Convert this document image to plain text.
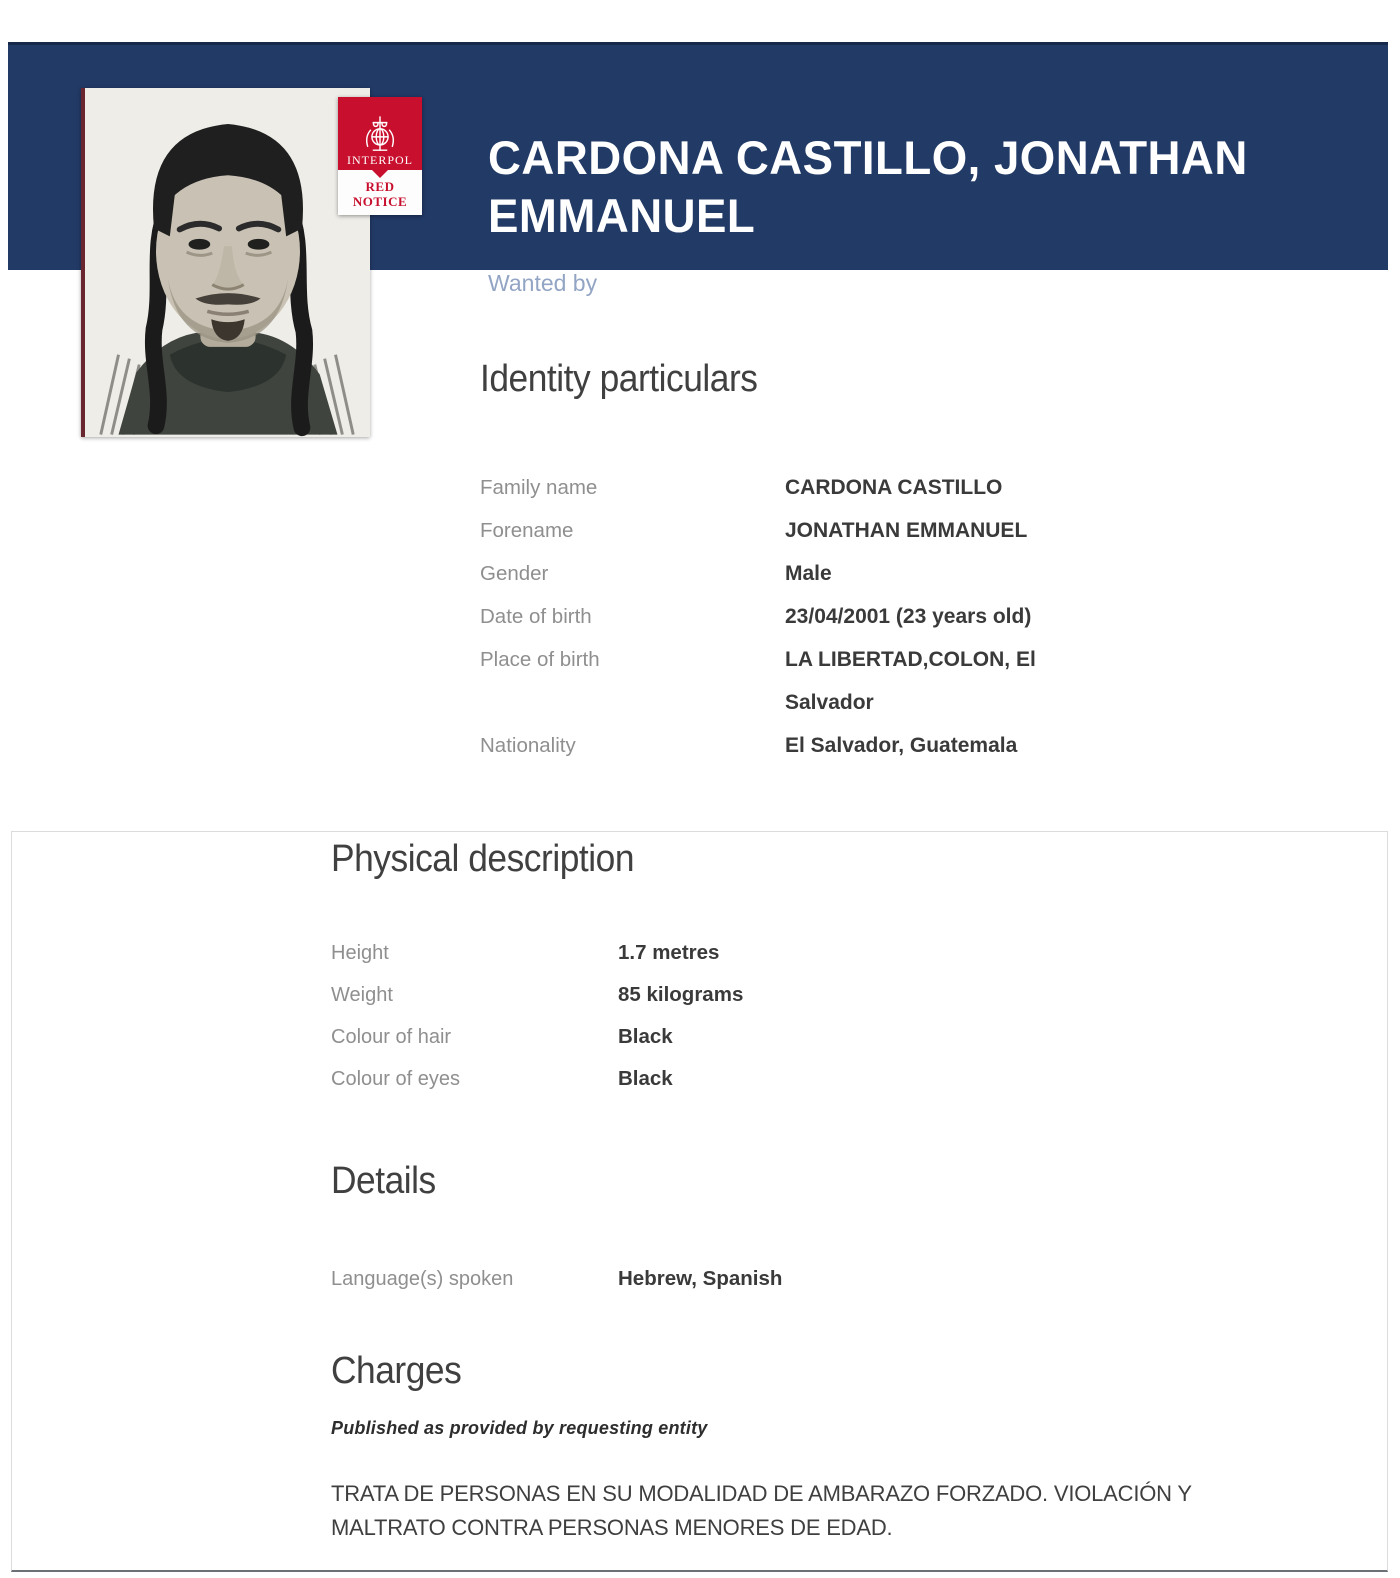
CARDONA CASTILLO, JONATHAN EMMANUEL
Wanted by Guatemala
INTERPOL
RED
NOTICE
Identity particulars
Family name	CARDONA CASTILLO
Forename	JONATHAN EMMANUEL
Gender	Male
Date of birth	23/04/2001 (23 years old)
Place of birth	LA LIBERTAD,COLON, El Salvador
Nationality	El Salvador, Guatemala
Physical description
Height	1.7 metres
Weight	85 kilograms
Colour of hair	Black
Colour of eyes	Black
Details
Language(s) spoken	Hebrew, Spanish
Charges
Published as provided by requesting entity
TRATA DE PERSONAS EN SU MODALIDAD DE AMBARAZO FORZADO. VIOLACIÓN Y MALTRATO CONTRA PERSONAS MENORES DE EDAD.
